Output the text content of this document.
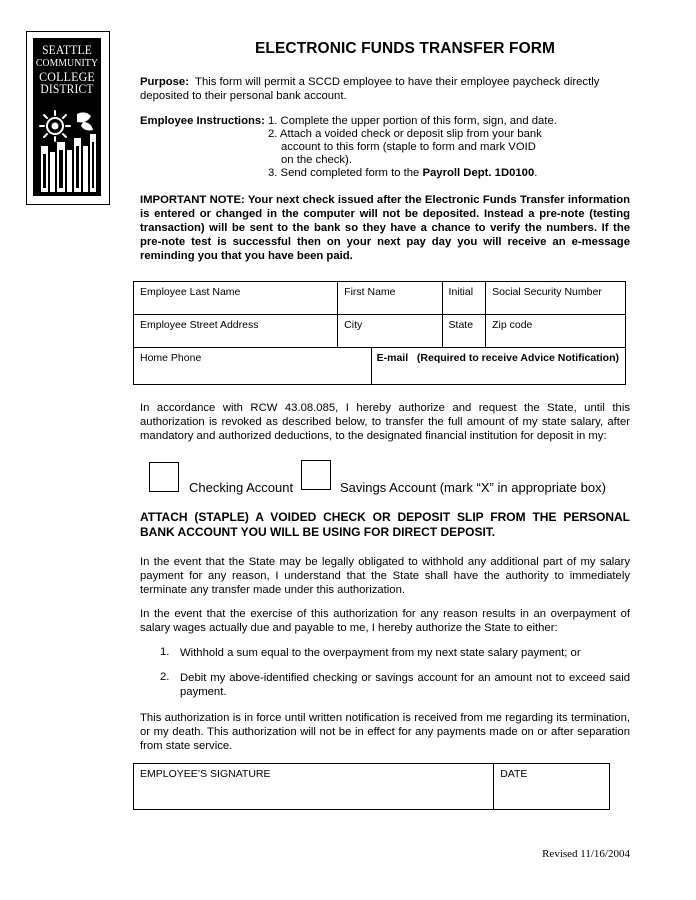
SEATTLE
COMMUNITY
COLLEGE
DISTRICT
ELECTRONIC FUNDS TRANSFER FORM
Purpose: This form will permit a SCCD employee to have their employee paycheck directly deposited to their personal bank account.
Employee Instructions: 1. Complete the upper portion of this form, sign, and date.
2. Attach a voided check or deposit slip from your bank
account to this form (staple to form and mark VOID
on the check).
3. Send completed form to the Payroll Dept. 1D0100.
IMPORTANT NOTE: Your next check issued after the Electronic Funds Transfer information is entered or changed in the computer will not be deposited. Instead a pre-note (testing transaction) will be sent to the bank so they have a chance to verify the numbers. If the pre-note test is successful then on your next pay day you will receive an e-message reminding you that you have been paid.
Employee Last Name	First Name		Initial	Social Security Number
Employee Street Address	City		State	Zip code
Home Phone		E-mail (Required to receive Advice Notification)		
In accordance with RCW 43.08.085, I hereby authorize and request the State, until this authorization is revoked as described below, to transfer the full amount of my state salary, after mandatory and authorized deductions, to the designated financial institution for deposit in my:
Checking Account	Savings Account (mark “X” in appropriate box)
ATTACH (STAPLE) A VOIDED CHECK OR DEPOSIT SLIP FROM THE PERSONAL BANK ACCOUNT YOU WILL BE USING FOR DIRECT DEPOSIT.
In the event that the State may be legally obligated to withhold any additional part of my salary payment for any reason, I understand that the State shall have the authority to immediately terminate any transfer made under this authorization.
In the event that the exercise of this authorization for any reason results in an overpayment of salary wages actually due and payable to me, I hereby authorize the State to either:
1. Withhold a sum equal to the overpayment from my next state salary payment; or
2. Debit my above-identified checking or savings account for an amount not to exceed said payment.
This authorization is in force until written notification is received from me regarding its termination, or my death. This authorization will not be in effect for any payments made on or after separation from state service.
EMPLOYEE’S SIGNATURE	DATE
Revised 11/16/2004
